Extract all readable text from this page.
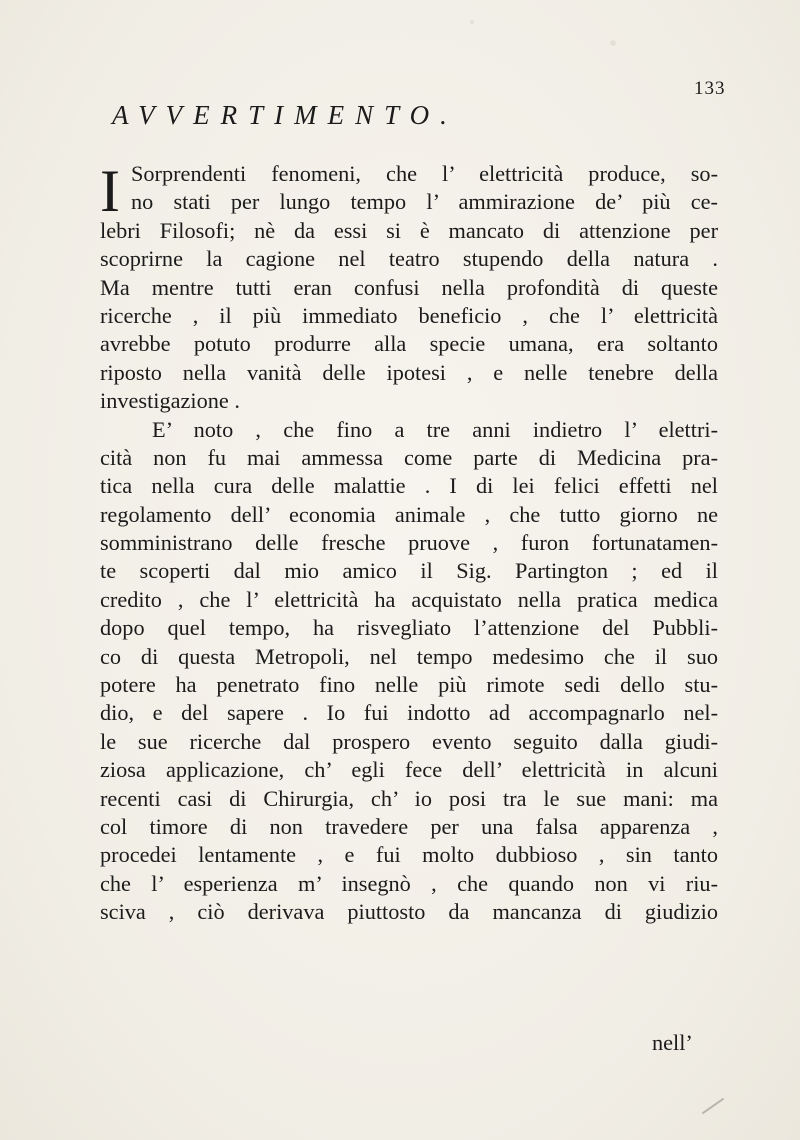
133
AVVERTIMENTO.
I Sorprendenti fenomeni, che l’ elettricità produce, so-
no stati per lungo tempo l’ ammirazione de’ più ce-
lebri Filosofi; nè da essi si è mancato di attenzione per
scoprirne la cagione nel teatro stupendo della natura .
Ma mentre tutti eran confusi nella profondità di queste
ricerche , il più immediato beneficio , che l’ elettricità
avrebbe potuto produrre alla specie umana, era soltanto
riposto nella vanità delle ipotesi , e nelle tenebre della
investigazione .
E’ noto , che fino a tre anni indietro l’ elettri-
cità non fu mai ammessa come parte di Medicina pra-
tica nella cura delle malattie . I di lei felici effetti nel
regolamento dell’ economia animale , che tutto giorno ne
somministrano delle fresche pruove , furon fortunatamen-
te scoperti dal mio amico il Sig. Partington ; ed il
credito , che l’ elettricità ha acquistato nella pratica medica
dopo quel tempo, ha risvegliato l’attenzione del Pubbli-
co di questa Metropoli, nel tempo medesimo che il suo
potere ha penetrato fino nelle più rimote sedi dello stu-
dio, e del sapere . Io fui indotto ad accompagnarlo nel-
le sue ricerche dal prospero evento seguito dalla giudi-
ziosa applicazione, ch’ egli fece dell’ elettricità in alcuni
recenti casi di Chirurgia, ch’ io posi tra le sue mani: ma
col timore di non travedere per una falsa apparenza ,
procedei lentamente , e fui molto dubbioso , sin tanto
che l’ esperienza m’ insegnò , che quando non vi riu-
sciva , ciò derivava piuttosto da mancanza di giudizio
nell’
